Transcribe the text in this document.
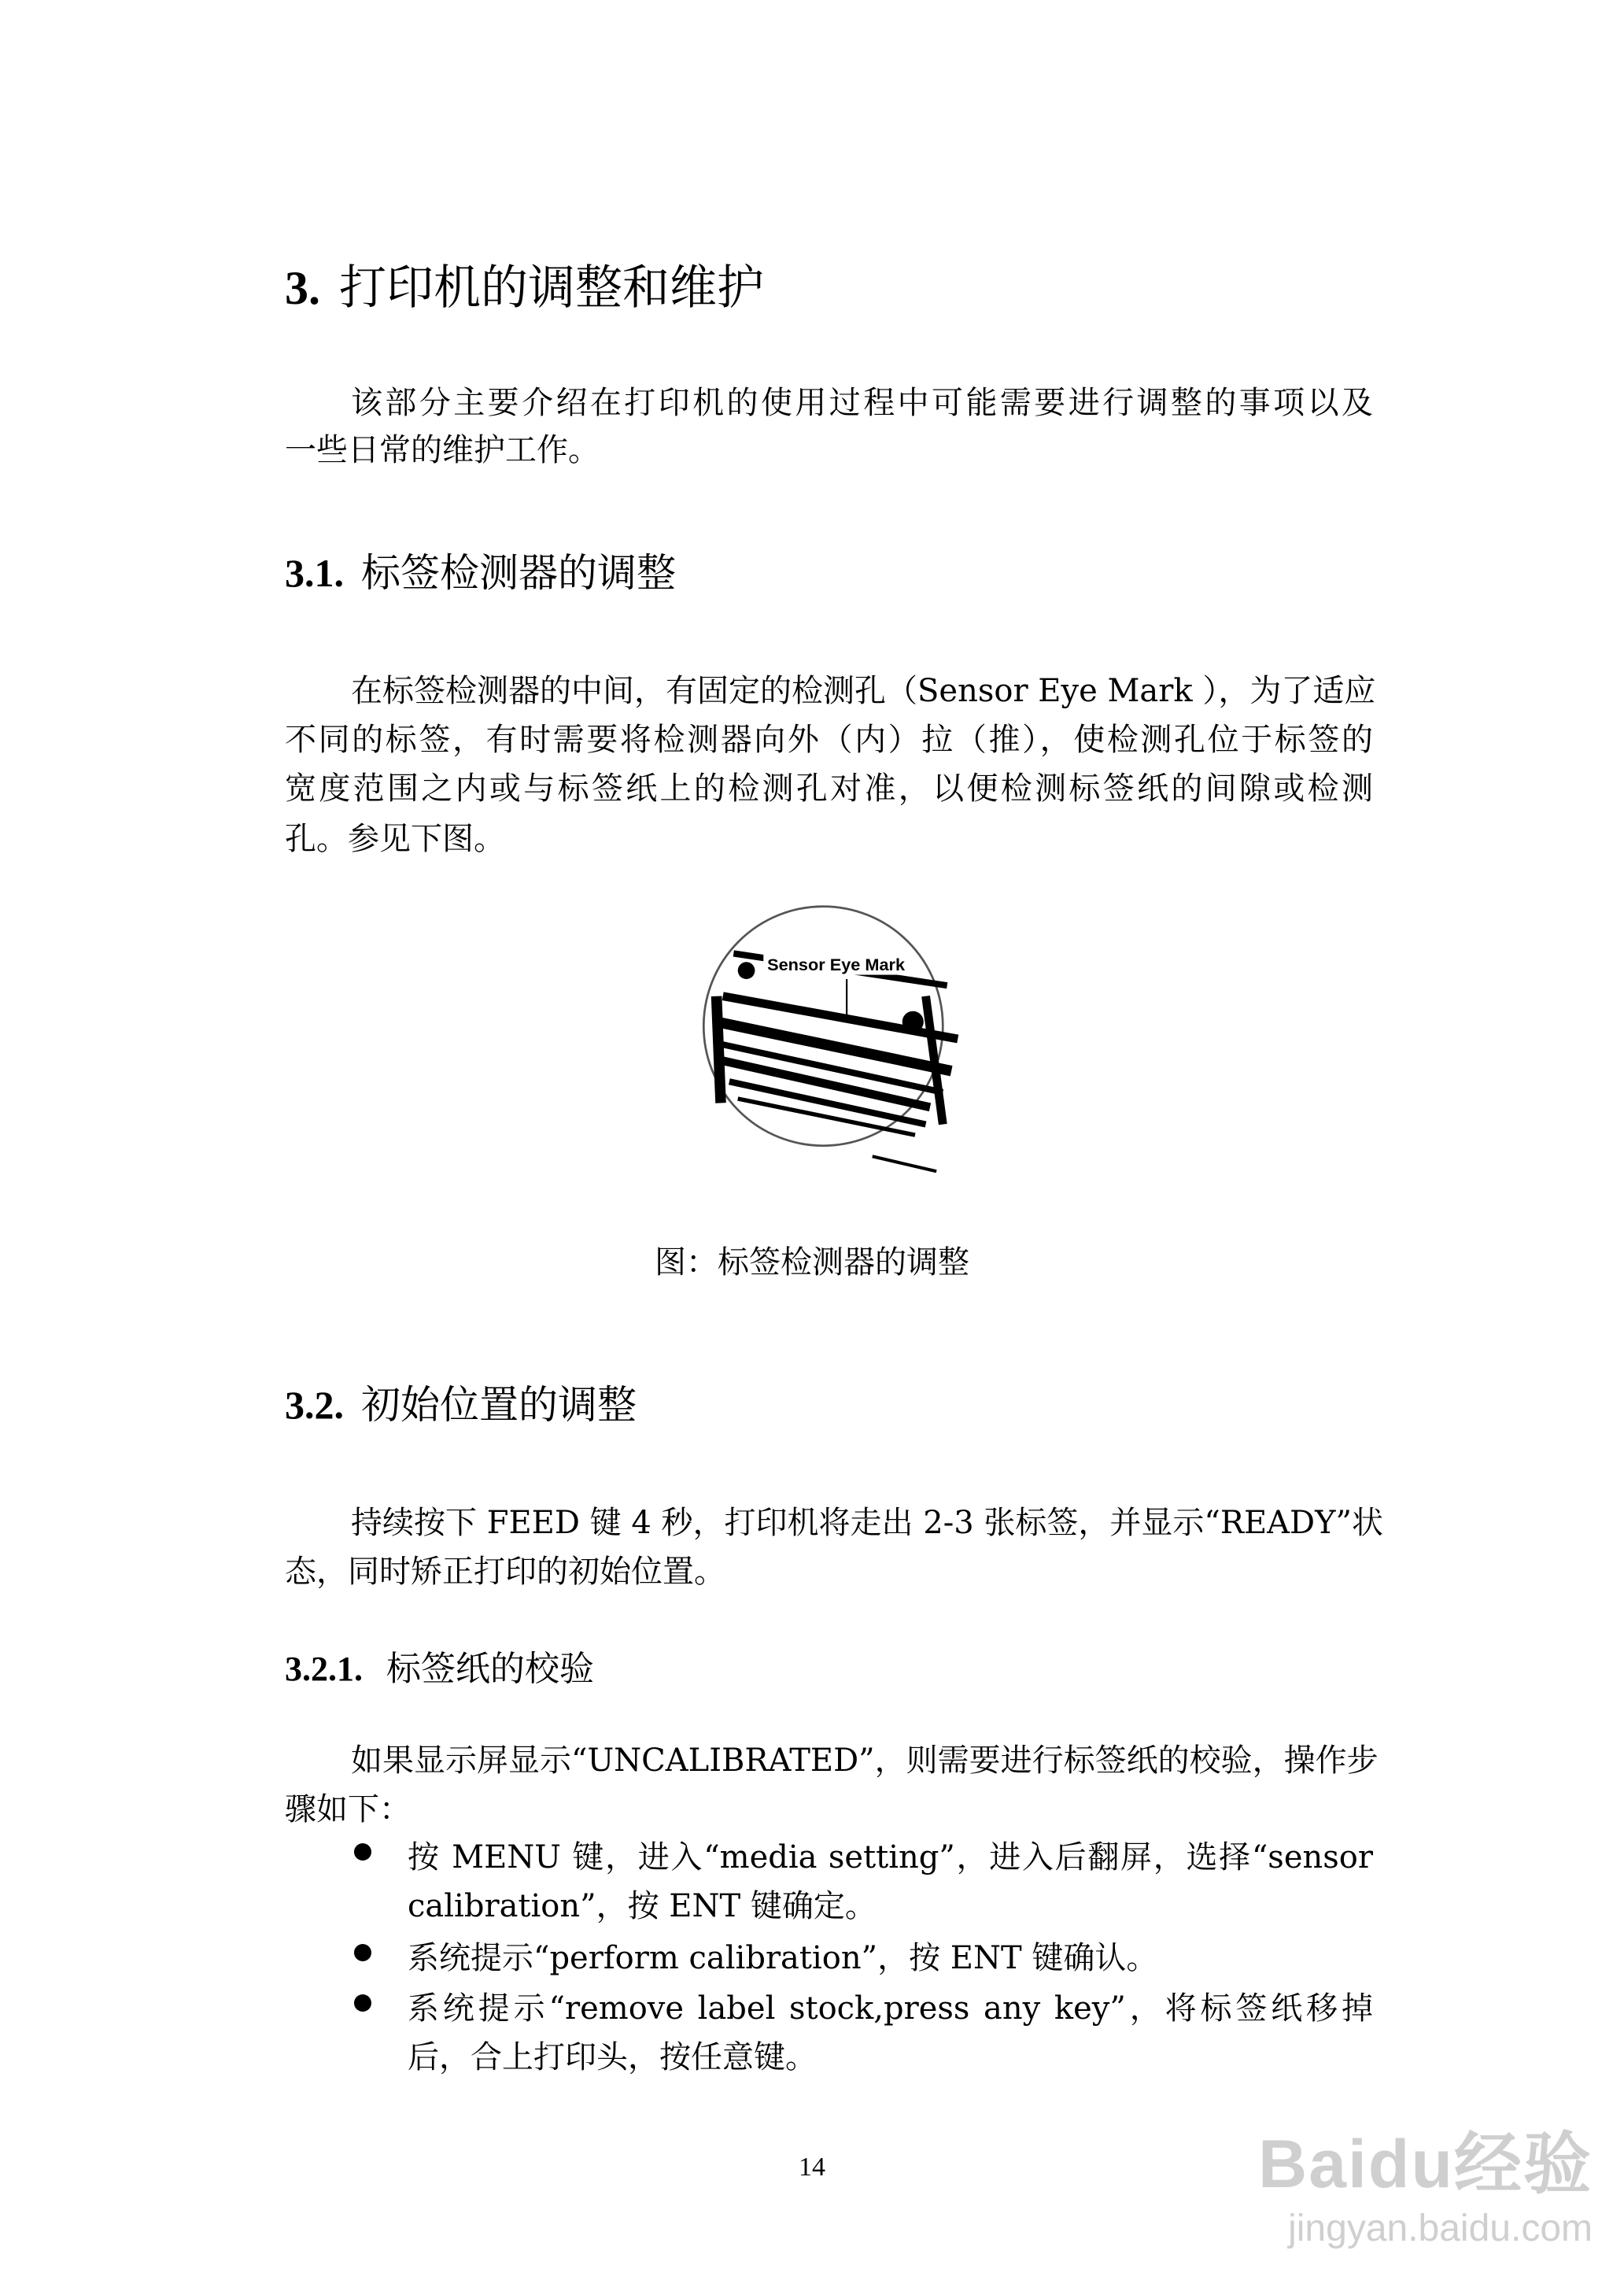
3. 打印机的调整和维护
该部分主要介绍在打印机的使用过程中可能需要进行调整的事项以及
一些日常的维护工作。
3.1. 标签检测器的调整
在标签检测器的中间，有固定的检测孔（Sensor Eye Mark ），为了适应
不同的标签，有时需要将检测器向外（内）拉（推），使检测孔位于标签的
宽度范围之内或与标签纸上的检测孔对准，以便检测标签纸的间隙或检测
孔。参见下图。
Sensor Eye Mark
图：标签检测器的调整
3.2. 初始位置的调整
持续按下 FEED 键 4 秒，打印机将走出 2-3 张标签，并显示“READY”状
态，同时矫正打印的初始位置。
3.2.1. 标签纸的校验
如果显示屏显示“UNCALIBRATED”，则需要进行标签纸的校验，操作步
骤如下：
按 MENU 键，进入“media setting”，进入后翻屏，选择“sensor
calibration”，按 ENT 键确定。
系统提示“perform calibration”，按 ENT 键确认。
系统提示“remove label stock,press any key”，将标签纸移掉
后，合上打印头，按任意键。
14	Baidu经验
jingyan.baidu.com
